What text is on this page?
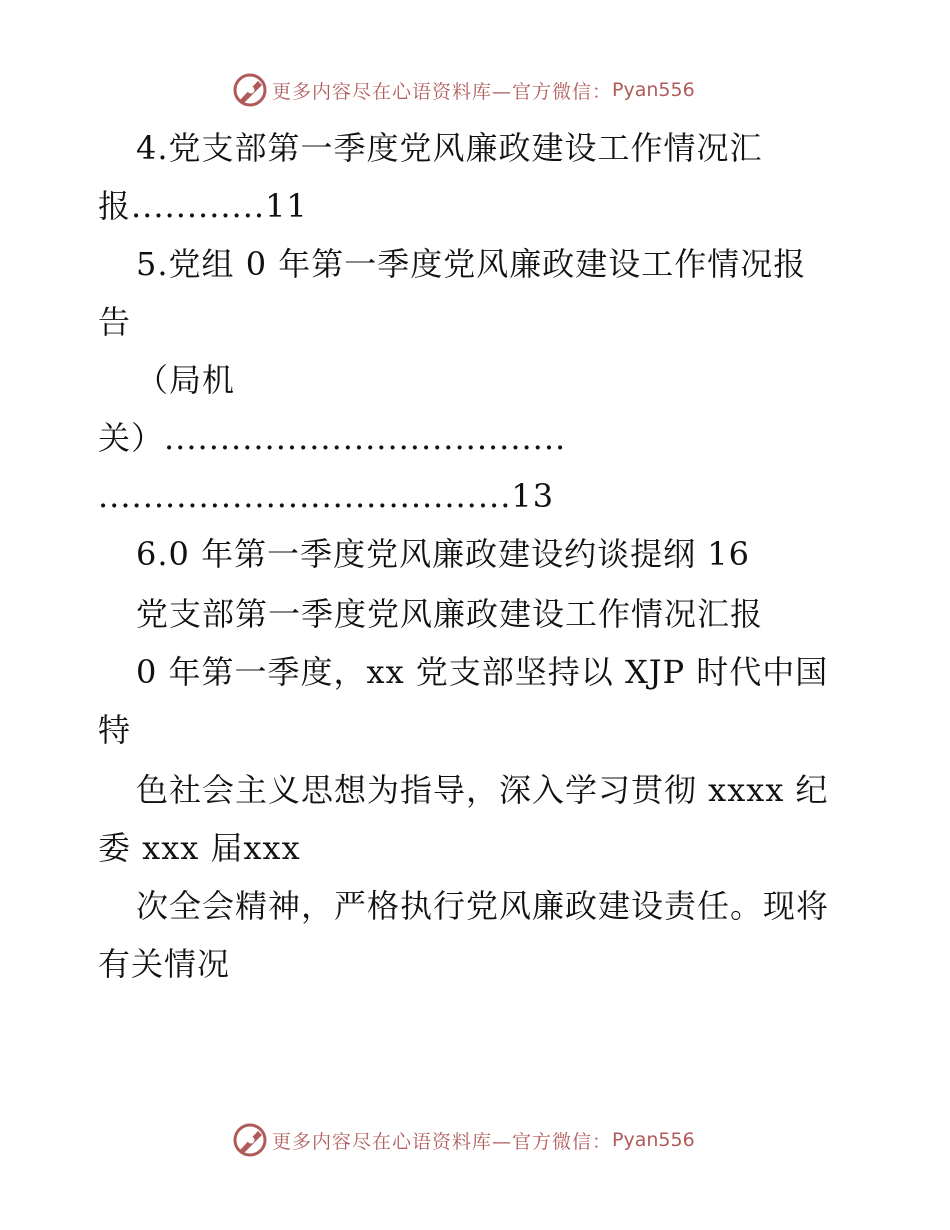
更多内容尽在心语资料库—官方微信： Pyan556
4.党支部第一季度党风廉政建设工作情况汇
报............11
5.党组 0 年第一季度党风廉政建设工作情况报
告
（局机
关）....................................
.....................................13
6.0 年第一季度党风廉政建设约谈提纲 16
党支部第一季度党风廉政建设工作情况汇报
0 年第一季度，xx 党支部坚持以 XJP 时代中国
特
色社会主义思想为指导，深入学习贯彻 xxxx 纪
委 xxx 届xxx
次全会精神，严格执行党风廉政建设责任。现将
有关情况
更多内容尽在心语资料库—官方微信： Pyan556
